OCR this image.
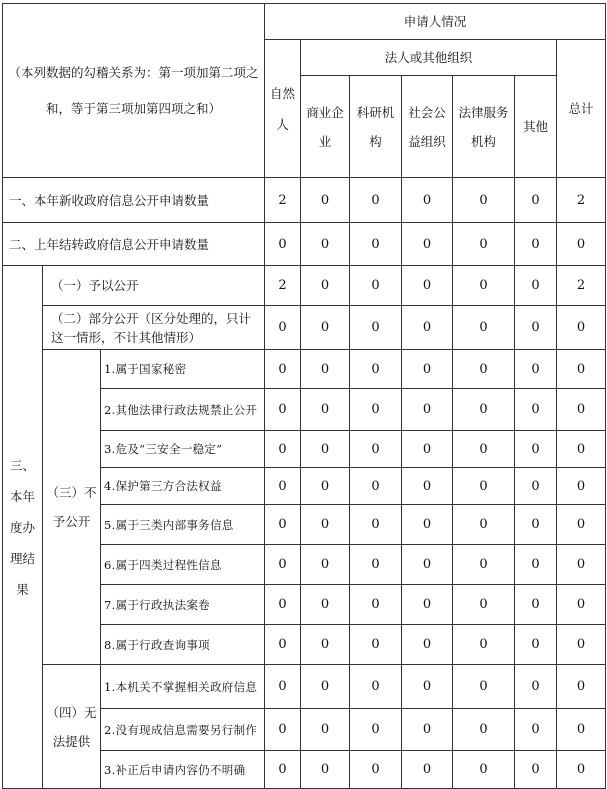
（本列数据的勾稽关系为：第一项加第二项之和，等于第三项加第四项之和）			申请人情况						
			自然人	法人或其他组织					总计
				商业企业	科研机构	社会公益组织	法律服务机构	其他	
一、本年新收政府信息公开申请数量			2	0	0	0	0	0	2
二、上年结转政府信息公开申请数量			0	0	0	0	0	0	0
三、本年度办理结果	（一）予以公开		2	0	0	0	0	0	2
	（二）部分公开（区分处理的，只计这一情形，不计其他情形）		0	0	0	0	0	0	0
	（三）不予公开	1.属于国家秘密	0	0	0	0	0	0	0
		2.其他法律行政法规禁止公开	0	0	0	0	0	0	0
		3.危及“三安全一稳定”	0	0	0	0	0	0	0
		4.保护第三方合法权益	0	0	0	0	0	0	0
		5.属于三类内部事务信息	0	0	0	0	0	0	0
		6.属于四类过程性信息	0	0	0	0	0	0	0
		7.属于行政执法案卷	0	0	0	0	0	0	0
		8.属于行政查询事项	0	0	0	0	0	0	0
	（四）无法提供	1.本机关不掌握相关政府信息	0	0	0	0	0	0	0
		2.没有现成信息需要另行制作	0	0	0	0	0	0	0
		3.补正后申请内容仍不明确	0	0	0	0	0	0	0
